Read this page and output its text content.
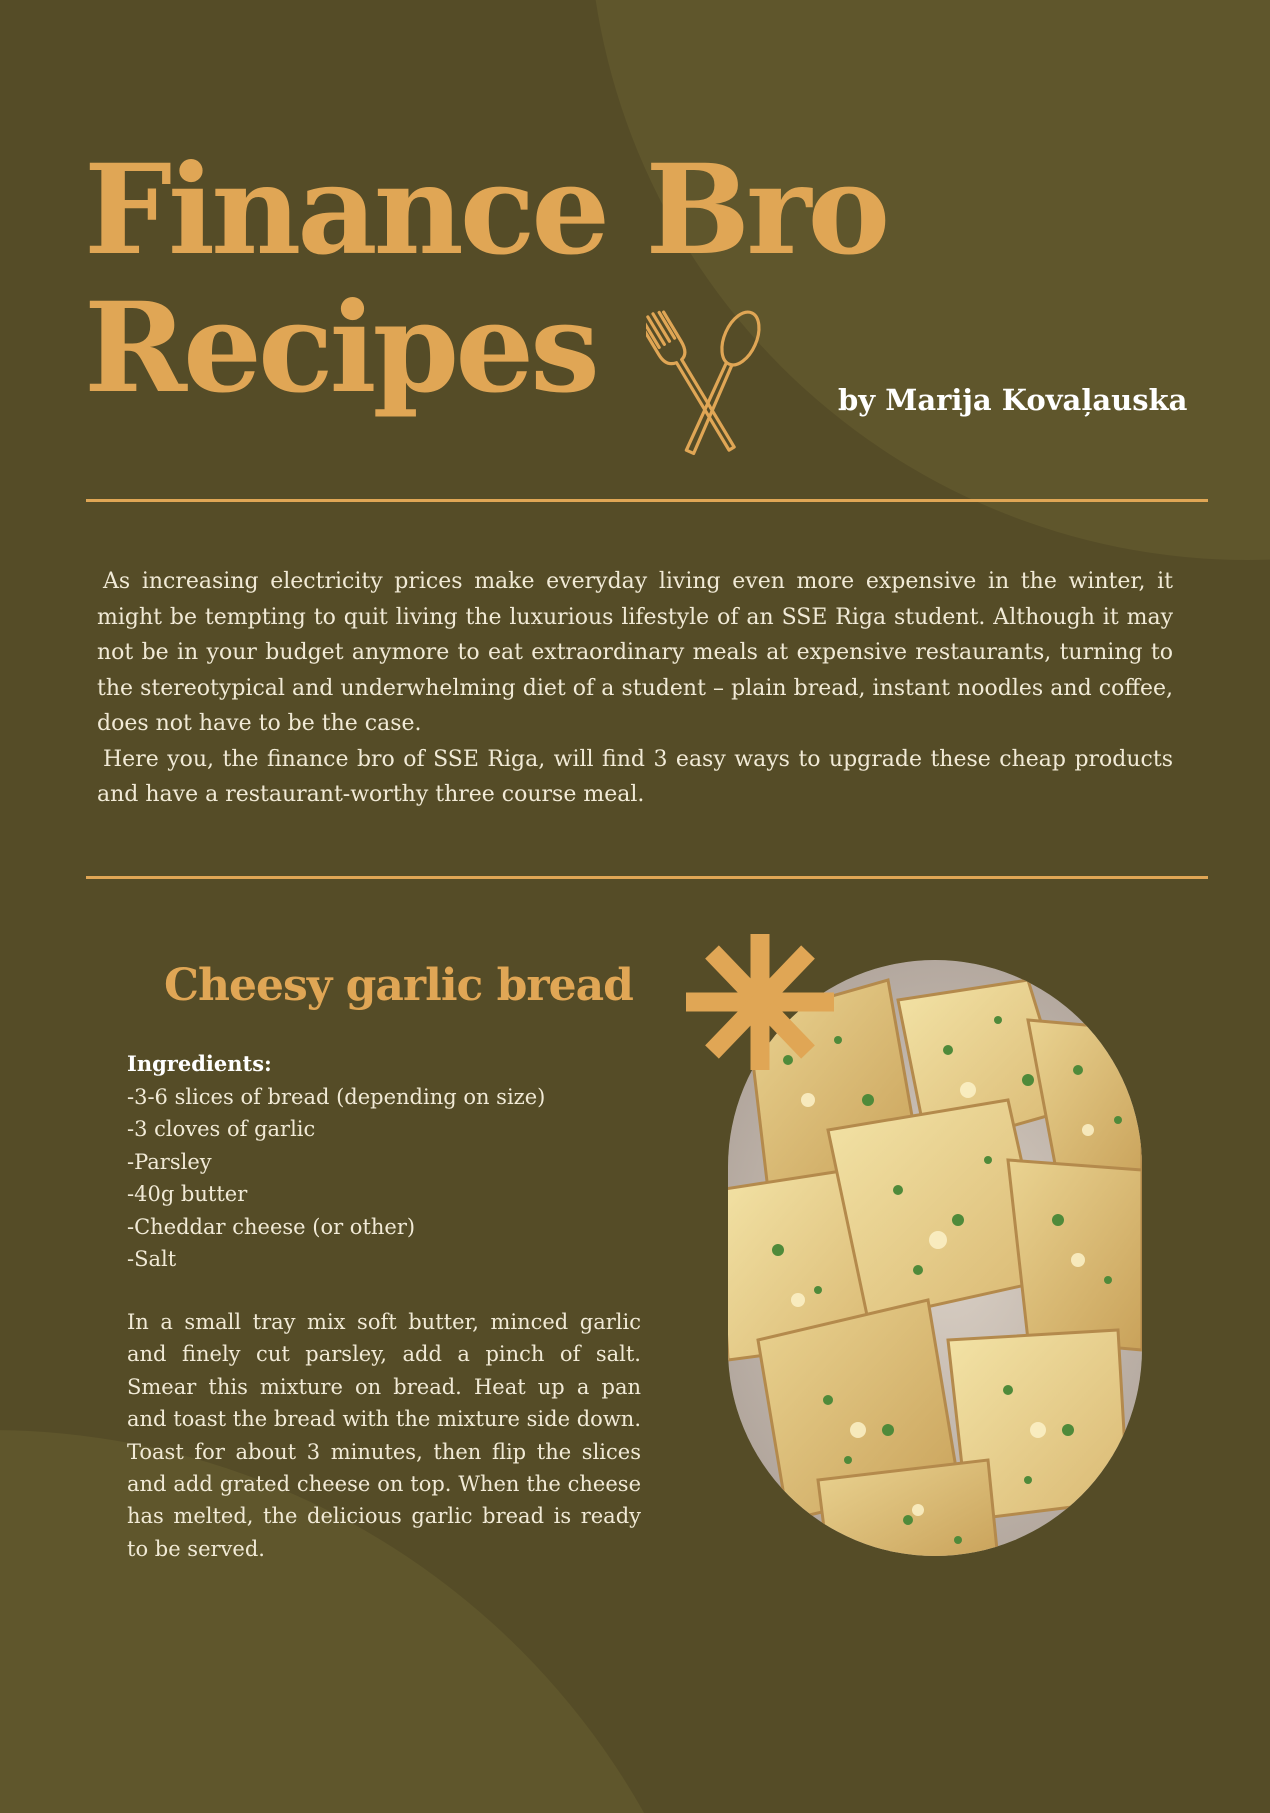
Finance Bro
Recipes	by Marija Kovaļauska

As increasing electricity prices make everyday living even more expensive in the winter, it might be tempting to quit living the luxurious lifestyle of an SSE Riga student. Although it may not be in your budget anymore to eat extraordinary meals at expensive restaurants, turning to the stereotypical and underwhelming diet of a student – plain bread, instant noodles and coffee, does not have to be the case.

Here you, the finance bro of SSE Riga, will find 3 easy ways to upgrade these cheap products and have a restaurant-worthy three course meal.

Cheesy garlic bread
Ingredients:
-3-6 slices of bread (depending on size)
-3 cloves of garlic
-Parsley
-40g butter
-Cheddar cheese (or other)
-Salt

In a small tray mix soft butter, minced garlic and finely cut parsley, add a pinch of salt. Smear this mixture on bread. Heat up a pan and toast the bread with the mixture side down. Toast for about 3 minutes, then flip the slices and add grated cheese on top. When the cheese has melted, the delicious garlic bread is ready to be served.
